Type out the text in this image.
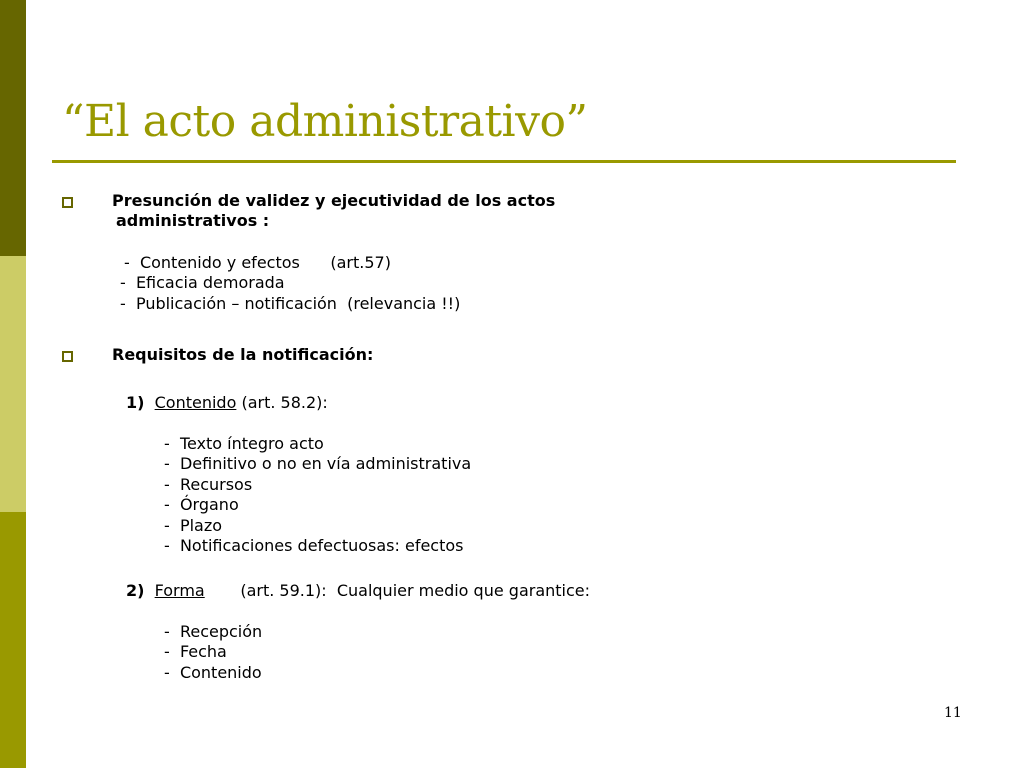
“El acto administrativo”
Presunción de validez y ejecutividad de los actos
administrativos :
-  Contenido y efectos      (art.57)
-  Eficacia demorada
-  Publicación – notificación  (relevancia !!)
Requisitos de la notificación:
1) Contenido (art. 58.2):
-  Texto íntegro acto
-  Definitivo o no en vía administrativa
-  Recursos
-  Órgano
-  Plazo
-  Notificaciones defectuosas: efectos
2) Forma       (art. 59.1):  Cualquier medio que garantice:
-  Recepción
-  Fecha
-  Contenido
11
